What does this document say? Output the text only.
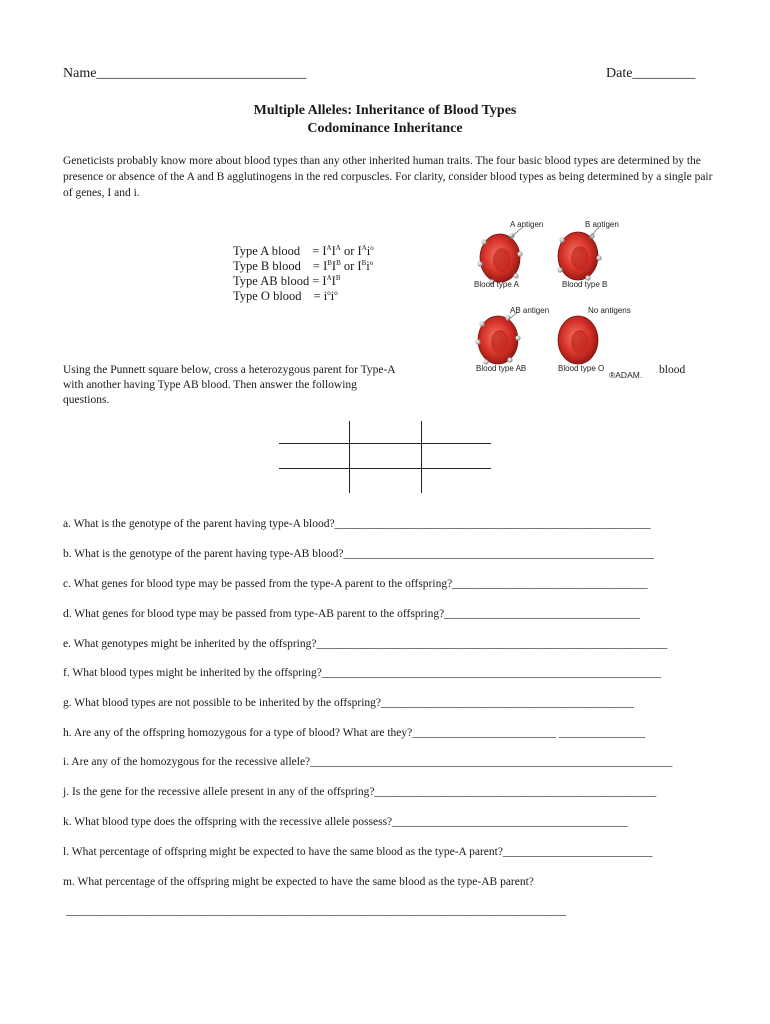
Name______________________________	Date_________
Multiple Alleles: Inheritance of Blood Types
Codominance Inheritance
Geneticists probably know more about blood types than any other inherited human traits. The four basic blood types are determined by the presence or absence of the A and B agglutinogens in the red corpuscles. For clarity, consider blood types as being determined by a single pair of genes, I and i.
Type A blood = $I^AI^A$ or $I^Ai^o$
Type B blood = $I^BI^B$ or $I^Bi^o$
Type AB blood = $I^AI^B$
Type O blood = $i^oi^o$
A antigen	B antigen
Blood type A	Blood type B
AB antigen	No antigens
Blood type AB	Blood type O
®ADAM.
Using the Punnett square below, cross a heterozygous parent for Type-A
with another having Type AB blood. Then answer the following
questions.
blood
a. What is the genotype of the parent having type-A blood?_______________________________________________________
b. What is the genotype of the parent having type-AB blood?______________________________________________________
c. What genes for blood type may be passed from the type-A parent to the offspring?__________________________________
d. What genes for blood type may be passed from type-AB parent to the offspring?__________________________________
e. What genotypes might be inherited by the offspring?_____________________________________________________________
f. What blood types might be inherited by the offspring?___________________________________________________________
g. What blood types are not possible to be inherited by the offspring?____________________________________________
h. Are any of the offspring homozygous for a type of blood? What are they?_________________________ _______________
i. Are any of the homozygous for the recessive allele?_______________________________________________________________
j. Is the gene for the recessive allele present in any of the offspring?_________________________________________________
k. What blood type does the offspring with the recessive allele possess?_________________________________________
l. What percentage of offspring might be expected to have the same blood as the type-A parent?__________________________
m. What percentage of the offspring might be expected to have the same blood as the type-AB parent?
_______________________________________________________________________________________
